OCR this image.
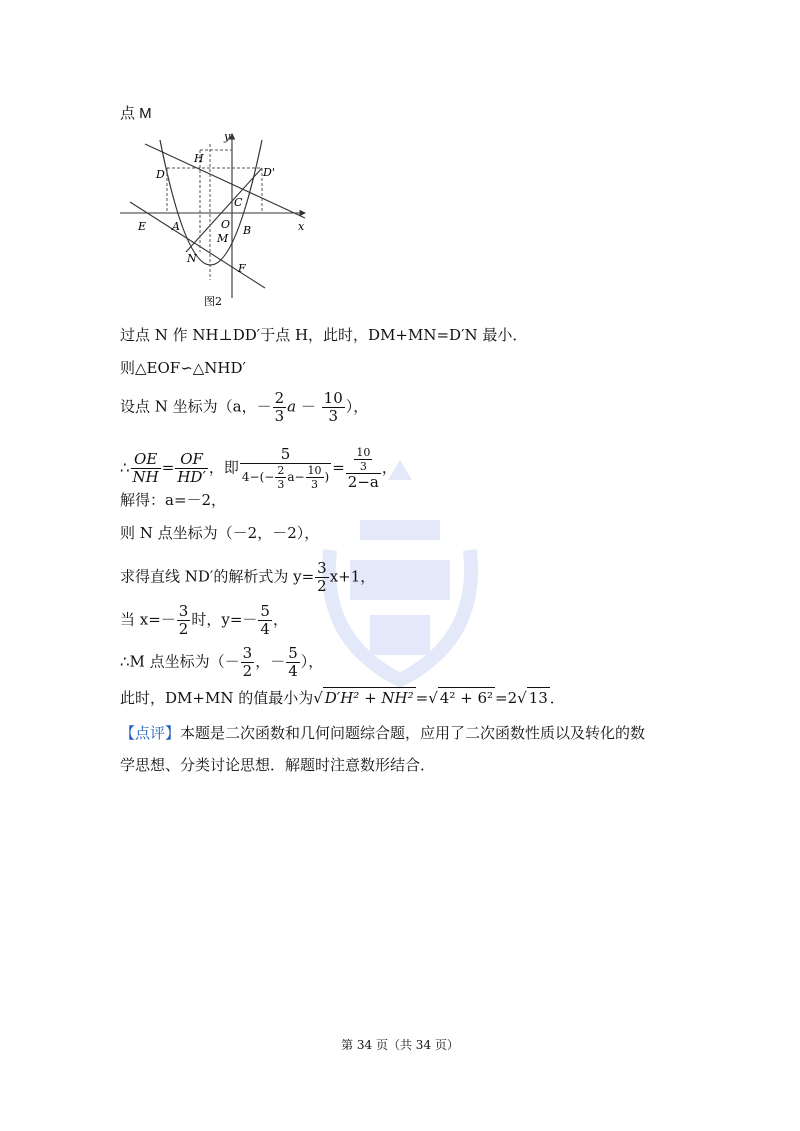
点 M
y
x
H
D	D'
C
O
E A
M
B
N
F
图2
过点 N 作 NH⊥DD′于点 H，此时，DM+MN=D′N 最小．
则△EOF∽△NHD′
设点 N 坐标为（a，－ $\frac{2}{3}$ $a - \frac{10}{3}$ ），
∴ $\frac{OE}{NH} = \frac{OF}{HD'}$ ，即 $\frac{5}{4-(- \frac{2}{3} a- \frac{10}{3} )} = \frac{\frac{10}{3}}{2-a}$ ，
解得：a=－2，
则 N 点坐标为（－2，－2），
求得直线 ND′的解析式为 $y= \frac{3}{2} x+1$，
当 $x=- \frac{3}{2}$ 时，$y=- \frac{5}{4}$ ，
∴M 点坐标为（－ $\frac{3}{2}$ ，－ $\frac{5}{4}$ ），
此时，DM+MN 的值最小为√ D′H² + NH² =√ 4² + 6² =2√ 13 ．
【点评】本题是二次函数和几何问题综合题，应用了二次函数性质以及转化的数
学思想、分类讨论思想．解题时注意数形结合．
第 34 页（共 34 页）
